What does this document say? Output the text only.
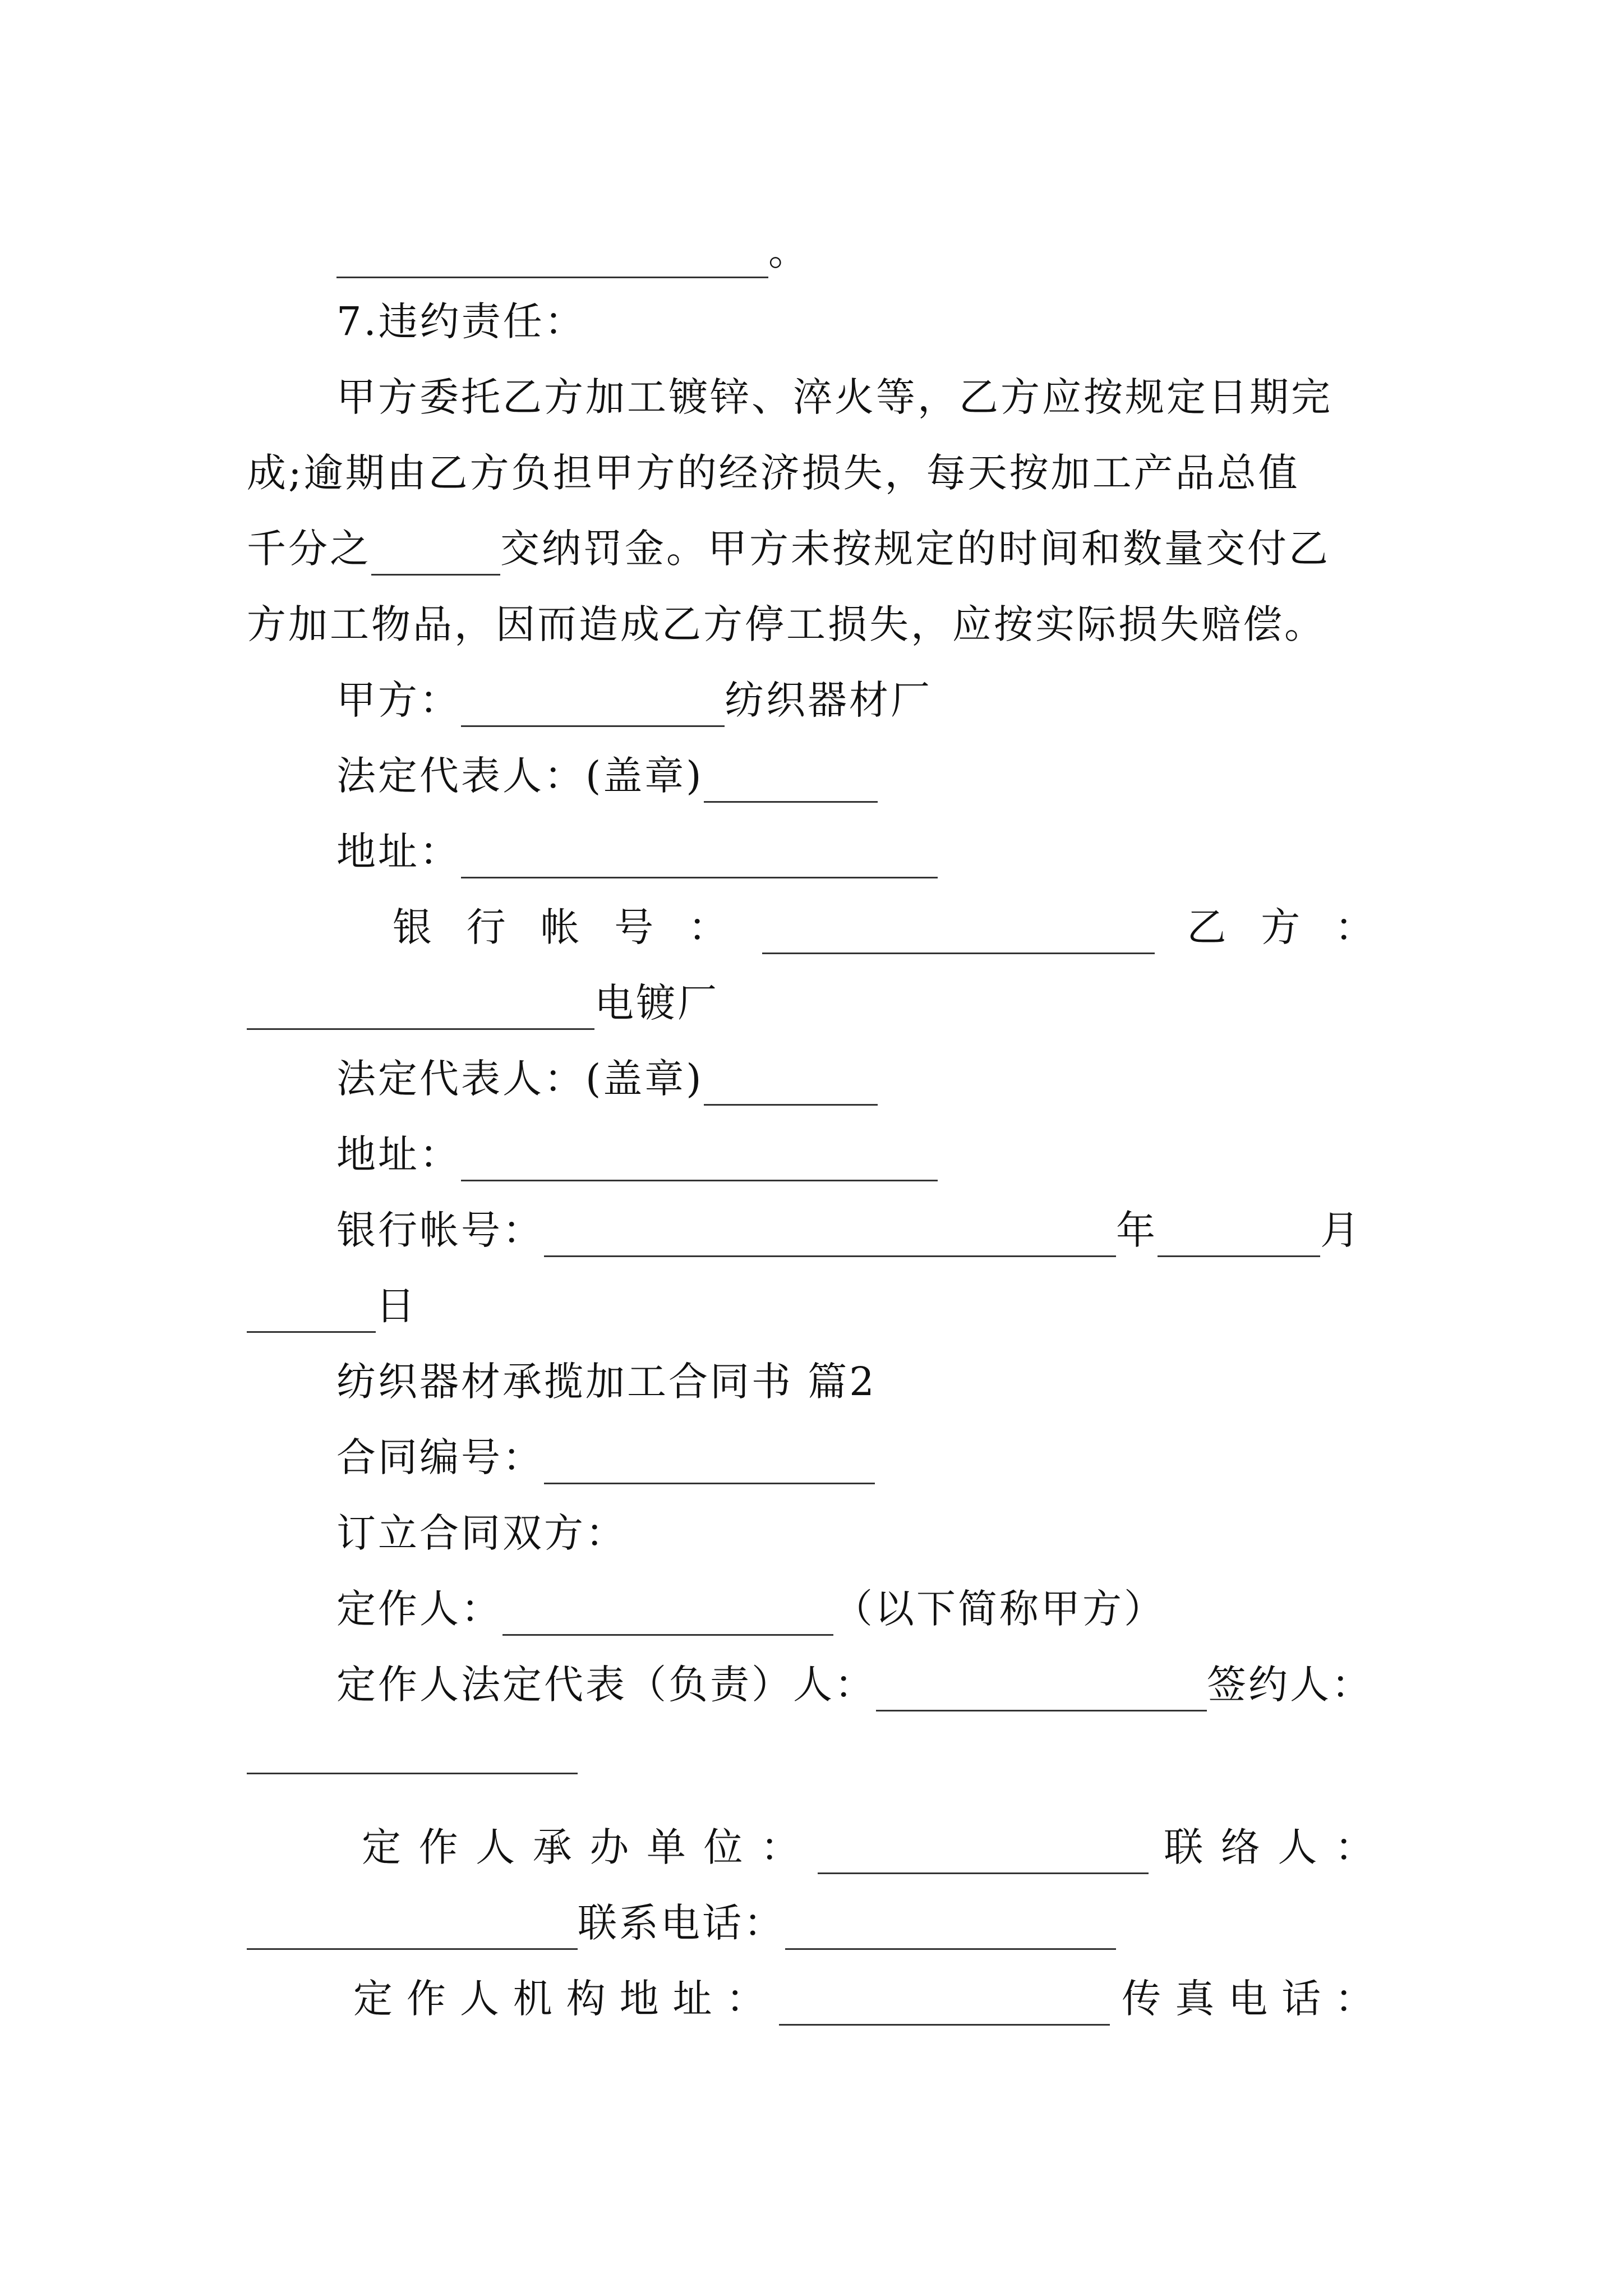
。
7.违约责任：
甲方委托乙方加工镀锌、淬火等，乙方应按规定日期完
成;逾期由乙方负担甲方的经济损失，每天按加工产品总值
千分之	交纳罚金。甲方未按规定的时间和数量交付乙
方加工物品，因而造成乙方停工损失，应按实际损失赔偿。
甲方：	纺织器材厂
法定代表人：(盖章)
地址：
银 行 帐 号 ：	乙 方 ：
电镀厂
法定代表人：(盖章)
地址：
银行帐号：	年	月
日
纺织器材承揽加工合同书 篇2
合同编号：
订立合同双方：
定作人：	（以下简称甲方）
定作人法定代表（负责）人：	签约人：
定 作 人 承 办 单 位 ：	联 络 人 ：
联系电话：
定 作 人 机 构 地 址 ：	传 真 电 话 ：
